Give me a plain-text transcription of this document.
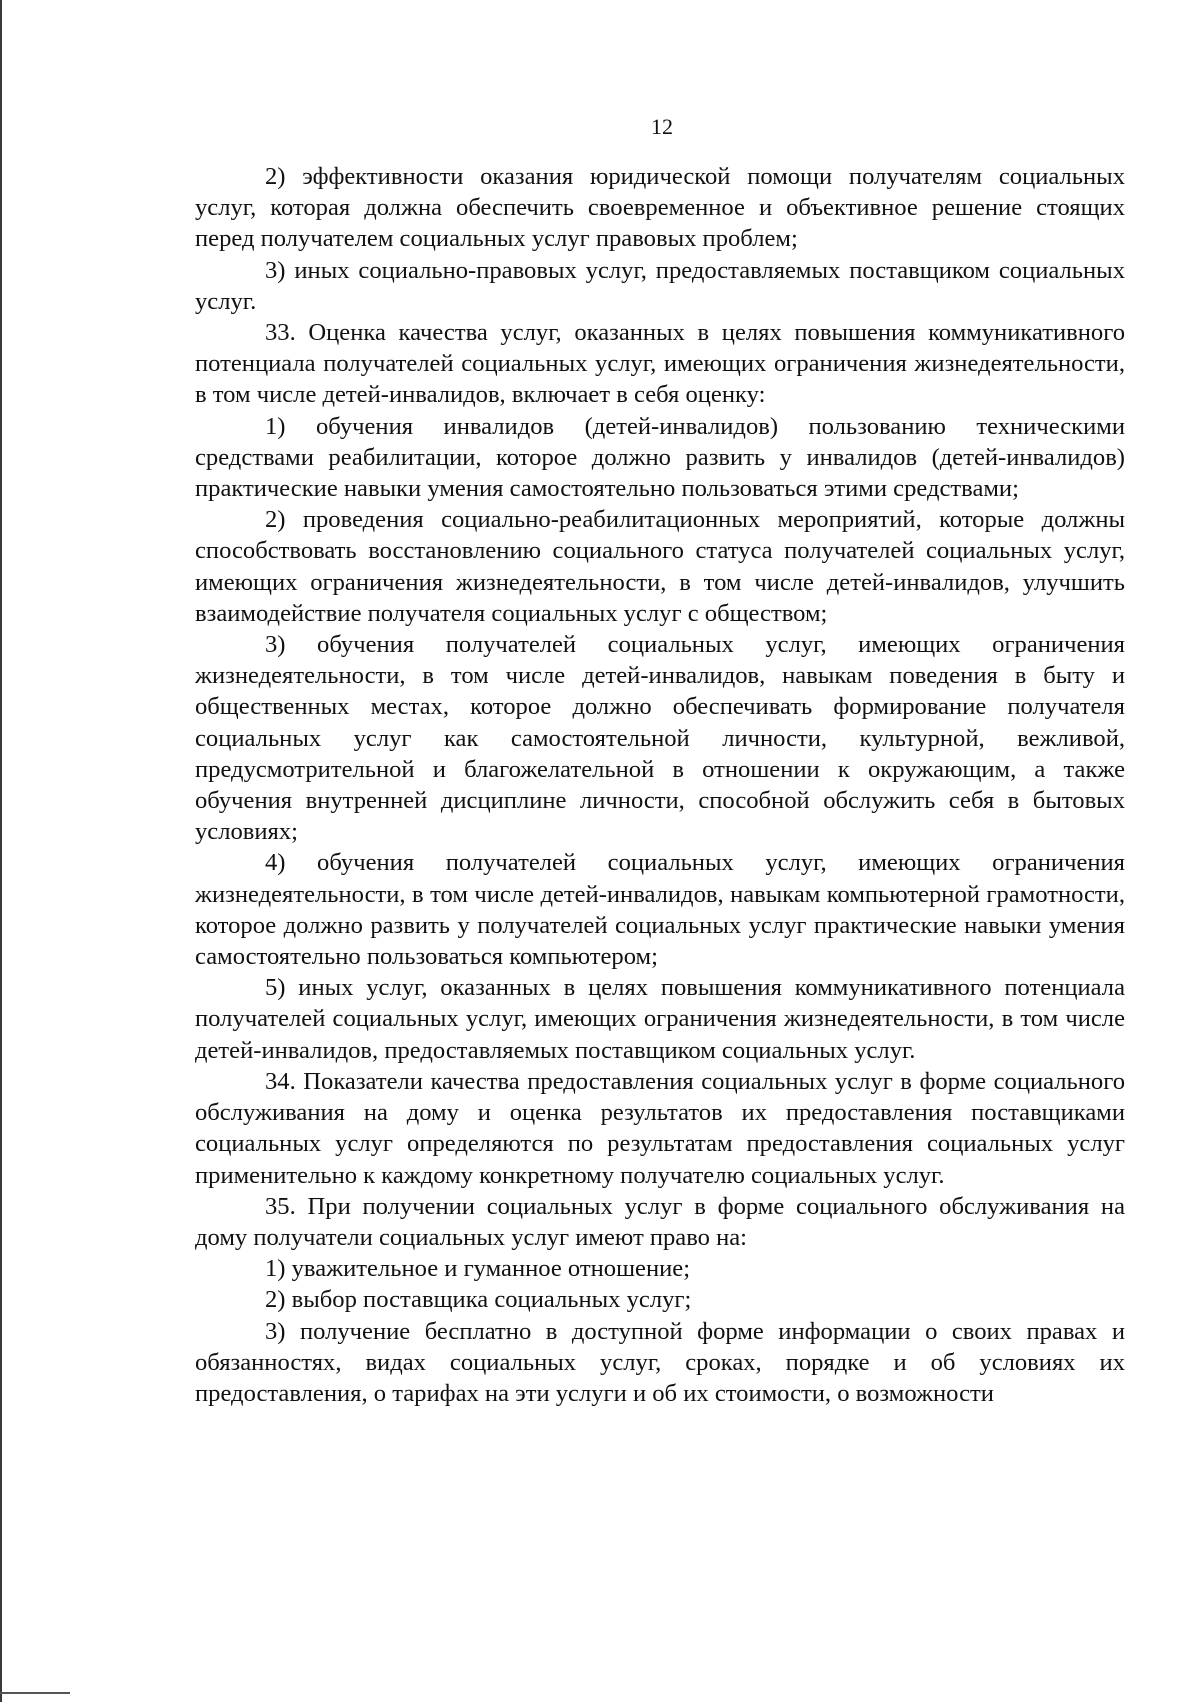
12

2) эффективности оказания юридической помощи получателям социальных услуг, которая должна обеспечить своевременное и объективное решение стоящих перед получателем социальных услуг правовых проблем;

3) иных социально-правовых услуг, предоставляемых поставщиком социальных услуг.

33. Оценка качества услуг, оказанных в целях повышения коммуникативного потенциала получателей социальных услуг, имеющих ограничения жизнедеятельности, в том числе детей-инвалидов, включает в себя оценку:

1) обучения инвалидов (детей-инвалидов) пользованию техническими средствами реабилитации, которое должно развить у инвалидов (детей-инвалидов) практические навыки умения самостоятельно пользоваться этими средствами;

2) проведения социально-реабилитационных мероприятий, которые должны способствовать восстановлению социального статуса получателей социальных услуг, имеющих ограничения жизнедеятельности, в том числе детей-инвалидов, улучшить взаимодействие получателя социальных услуг с обществом;

3) обучения получателей социальных услуг, имеющих ограничения жизнедеятельности, в том числе детей-инвалидов, навыкам поведения в быту и общественных местах, которое должно обеспечивать формирование получателя социальных услуг как самостоятельной личности, культурной, вежливой, предусмотрительной и благожелательной в отношении к окружающим, а также обучения внутренней дисциплине личности, способной обслужить себя в бытовых условиях;

4) обучения получателей социальных услуг, имеющих ограничения жизнедеятельности, в том числе детей-инвалидов, навыкам компьютерной грамотности, которое должно развить у получателей социальных услуг практические навыки умения самостоятельно пользоваться компьютером;

5) иных услуг, оказанных в целях повышения коммуникативного потенциала получателей социальных услуг, имеющих ограничения жизнедеятельности, в том числе детей-инвалидов, предоставляемых поставщиком социальных услуг.

34. Показатели качества предоставления социальных услуг в форме социального обслуживания на дому и оценка результатов их предоставления поставщиками социальных услуг определяются по результатам предоставления социальных услуг применительно к каждому конкретному получателю социальных услуг.

35. При получении социальных услуг в форме социального обслуживания на дому получатели социальных услуг имеют право на:

1) уважительное и гуманное отношение;

2) выбор поставщика социальных услуг;

3) получение бесплатно в доступной форме информации о своих правах и обязанностях, видах социальных услуг, сроках, порядке и об условиях их предоставления, о тарифах на эти услуги и об их стоимости, о возможности
